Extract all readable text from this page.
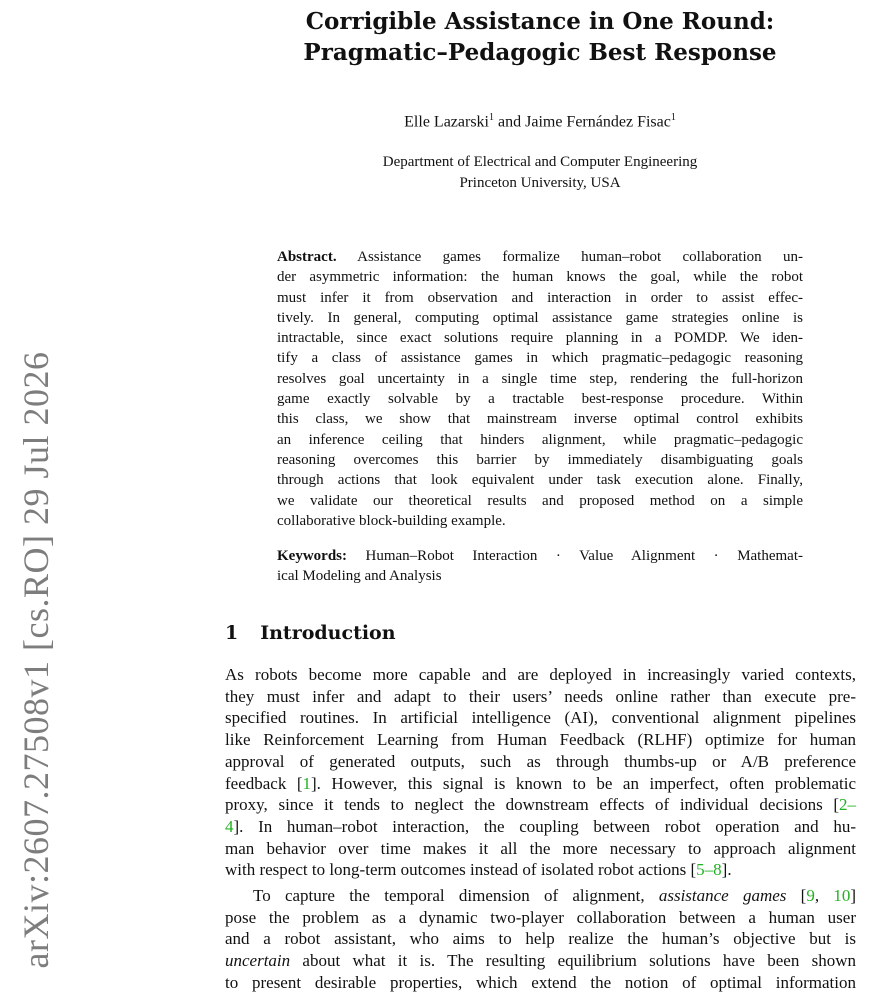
arXiv:2607.27508v1 [cs.RO] 29 Jul 2026
Corrigible Assistance in One Round:
Pragmatic–Pedagogic Best Response
Elle Lazarski$^1$ and Jaime Fernández Fisac$^1$
Department of Electrical and Computer Engineering
Princeton University, USA
Abstract. Assistance games formalize human–robot collaboration un-
der asymmetric information: the human knows the goal, while the robot
must infer it from observation and interaction in order to assist effec-
tively. In general, computing optimal assistance game strategies online is
intractable, since exact solutions require planning in a POMDP. We iden-
tify a class of assistance games in which pragmatic–pedagogic reasoning
resolves goal uncertainty in a single time step, rendering the full-horizon
game exactly solvable by a tractable best-response procedure. Within
this class, we show that mainstream inverse optimal control exhibits
an inference ceiling that hinders alignment, while pragmatic–pedagogic
reasoning overcomes this barrier by immediately disambiguating goals
through actions that look equivalent under task execution alone. Finally,
we validate our theoretical results and proposed method on a simple
collaborative block-building example.
Keywords: Human–Robot Interaction · Value Alignment · Mathemat-
ical Modeling and Analysis
1 Introduction
As robots become more capable and are deployed in increasingly varied contexts,
they must infer and adapt to their users’ needs online rather than execute pre-
specified routines. In artificial intelligence (AI), conventional alignment pipelines
like Reinforcement Learning from Human Feedback (RLHF) optimize for human
approval of generated outputs, such as through thumbs-up or A/B preference
feedback [1]. However, this signal is known to be an imperfect, often problematic
proxy, since it tends to neglect the downstream effects of individual decisions [2–
4]. In human–robot interaction, the coupling between robot operation and hu-
man behavior over time makes it all the more necessary to approach alignment
with respect to long-term outcomes instead of isolated robot actions [5–8].
To capture the temporal dimension of alignment, assistance games [9, 10]
pose the problem as a dynamic two-player collaboration between a human user
and a robot assistant, who aims to help realize the human’s objective but is
uncertain about what it is. The resulting equilibrium solutions have been shown
to present desirable properties, which extend the notion of optimal information
